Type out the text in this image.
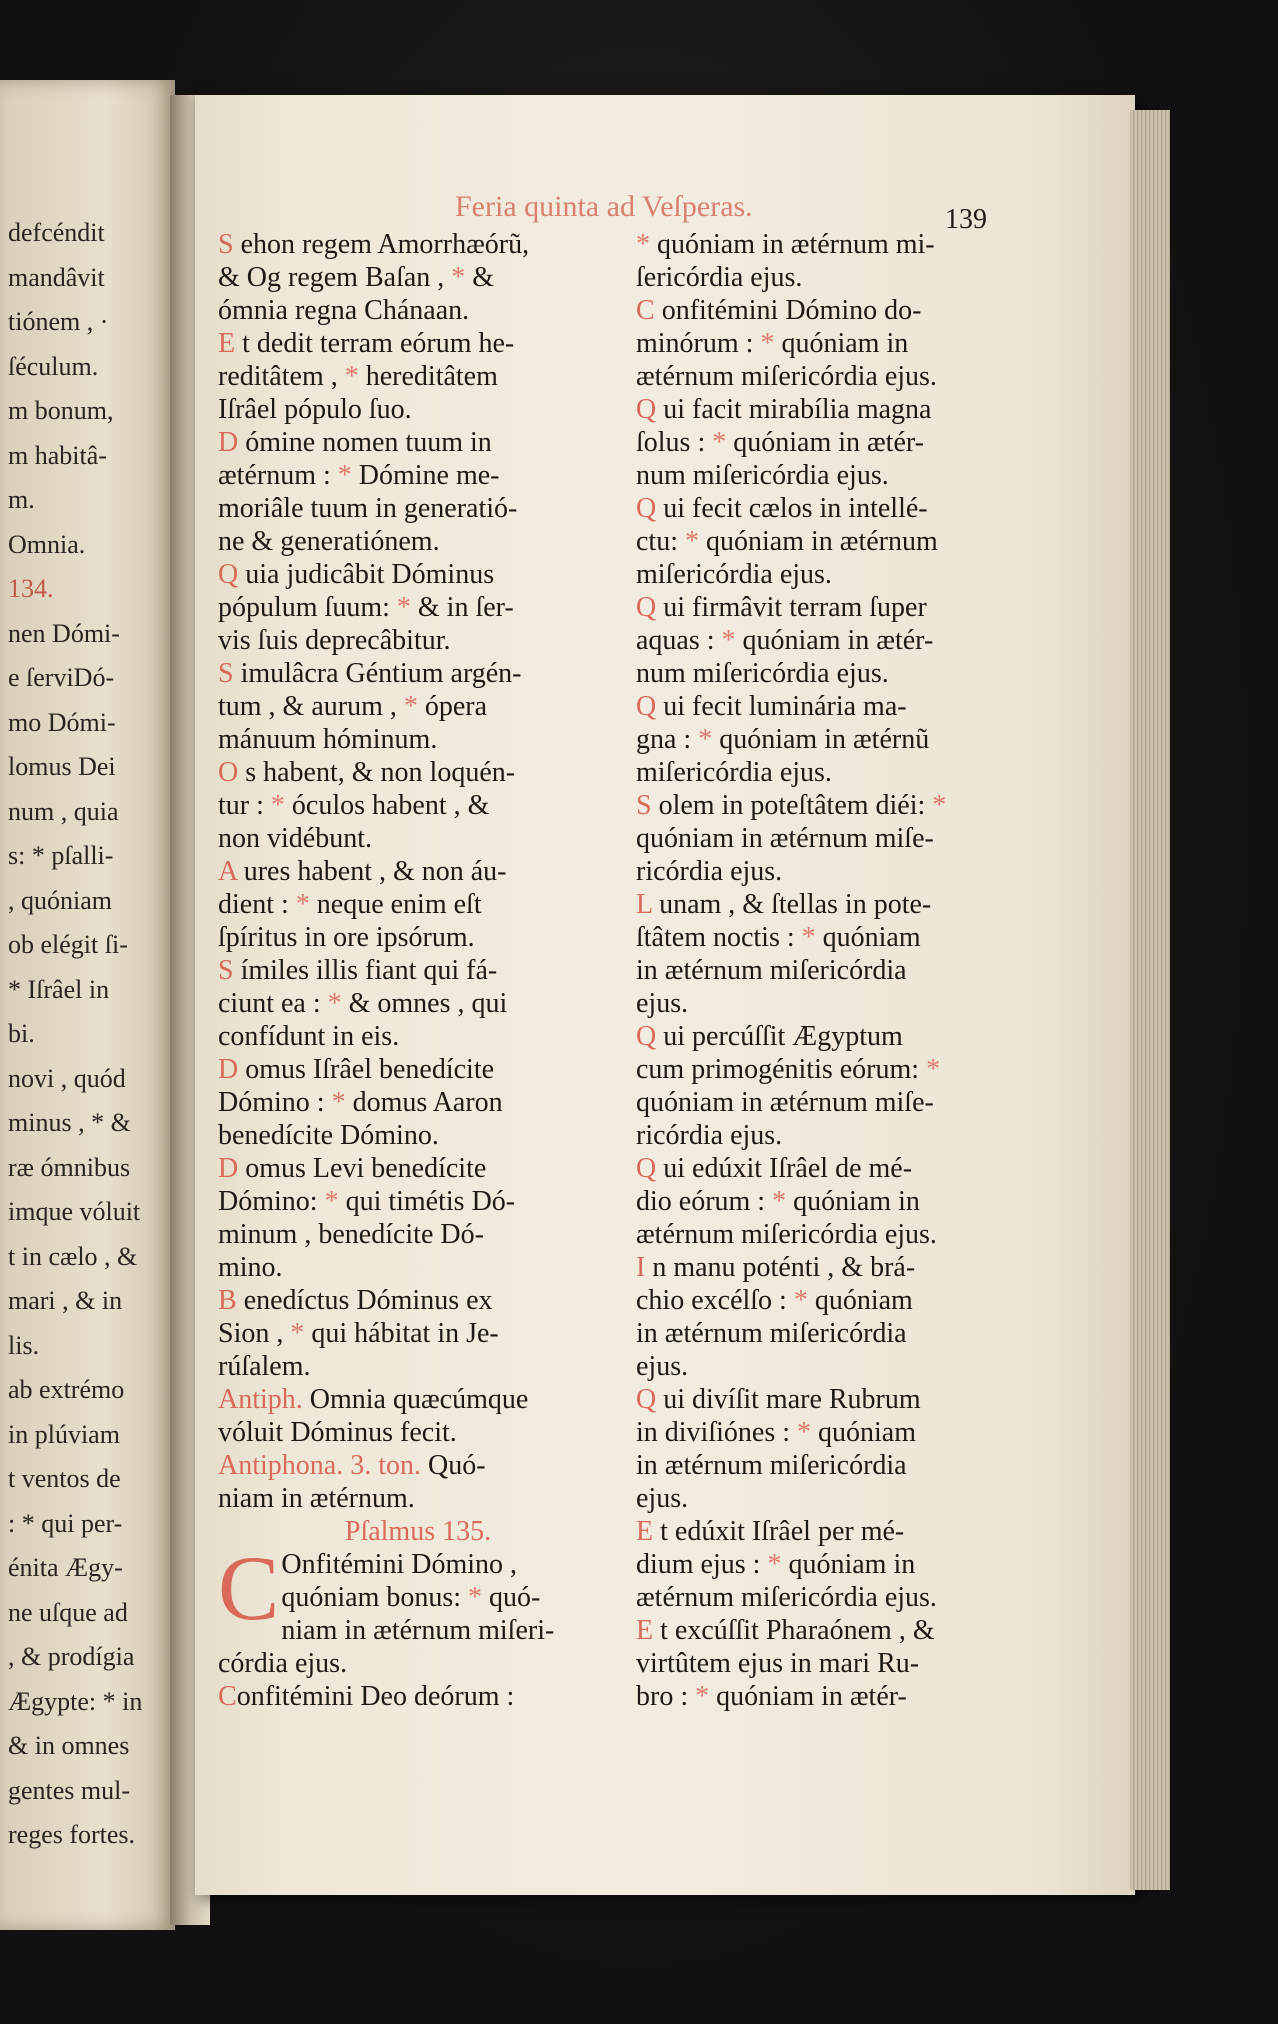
defcéndit
mandâvit
tiónem , ·
ſéculum.
m bonum,
m habitâ-
m.
Omnia.
134.
nen Dómi-
e ſerviDó-
mo Dómi-
lomus Dei
num , quia
s: * pſalli-
, quóniam
ob elégit ſi-
* Iſrâel in
bi.
novi , quód
minus , * &
ræ ómnibus
imque vóluit
t in cælo , &
mari , & in
lis.
ab extrémo
in plúviam
t ventos de
: * qui per-
énita Ægy-
ne uſque ad
, & prodígia
Ægypte: * in
& in omnes
gentes mul-
reges fortes.
Feria quinta ad Veſperas.	139
S ehon regem Amorrhæórũ,
& Og regem Baſan , * &
ómnia regna Chánaan.
E t dedit terram eórum he-
reditâtem , * hereditâtem
Iſrâel pópulo ſuo.
D ómine nomen tuum in
ætérnum : * Dómine me-
moriâle tuum in generatió-
ne & generatiónem.
Q uia judicâbit Dóminus
pópulum ſuum: * & in ſer-
vis ſuis deprecâbitur.
S imulâcra Géntium argén-
tum , & aurum , * ópera
mánuum hóminum.
O s habent, & non loquén-
tur : * óculos habent , &
non vidébunt.
A ures habent , & non áu-
dient : * neque enim eſt
ſpíritus in ore ipsórum.
S ímiles illis fiant qui fá-
ciunt ea : * & omnes , qui
confídunt in eis.
D omus Iſrâel benedícite
Dómino : * domus Aaron
benedícite Dómino.
D omus Levi benedícite
Dómino: * qui timétis Dó-
minum , benedícite Dó-
mino.
B enedíctus Dóminus ex
Sion , * qui hábitat in Je-
rúſalem.
Antiph. Omnia quæcúmque
vóluit Dóminus fecit.
Antiphona. 3. ton. Quó-
niam in ætérnum.
Pſalmus 135.
C Onfitémini Dómino ,
quóniam bonus: * quó-
niam in ætérnum miſeri-
córdia ejus.
Confitémini Deo deórum :
* quóniam in ætérnum mi-
ſericórdia ejus.
C onfitémini Dómino do-
minórum : * quóniam in
ætérnum miſericórdia ejus.
Q ui facit mirabília magna
ſolus : * quóniam in ætér-
num miſericórdia ejus.
Q ui fecit cælos in intellé-
ctu: * quóniam in ætérnum
miſericórdia ejus.
Q ui firmâvit terram ſuper
aquas : * quóniam in ætér-
num miſericórdia ejus.
Q ui fecit luminária ma-
gna : * quóniam in ætérnũ
miſericórdia ejus.
S olem in poteſtâtem diéi: *
quóniam in ætérnum miſe-
ricórdia ejus.
L unam , & ſtellas in pote-
ſtâtem noctis : * quóniam
in ætérnum miſericórdia
ejus.
Q ui percúſſit Ægyptum
cum primogénitis eórum: *
quóniam in ætérnum miſe-
ricórdia ejus.
Q ui edúxit Iſrâel de mé-
dio eórum : * quóniam in
ætérnum miſericórdia ejus.
I n manu poténti , & brá-
chio excélſo : * quóniam
in ætérnum miſericórdia
ejus.
Q ui divíſit mare Rubrum
in diviſiónes : * quóniam
in ætérnum miſericórdia
ejus.
E t edúxit Iſrâel per mé-
dium ejus : * quóniam in
ætérnum miſericórdia ejus.
E t excúſſit Pharaónem , &
virtûtem ejus in mari Ru-
bro : * quóniam in ætér-
